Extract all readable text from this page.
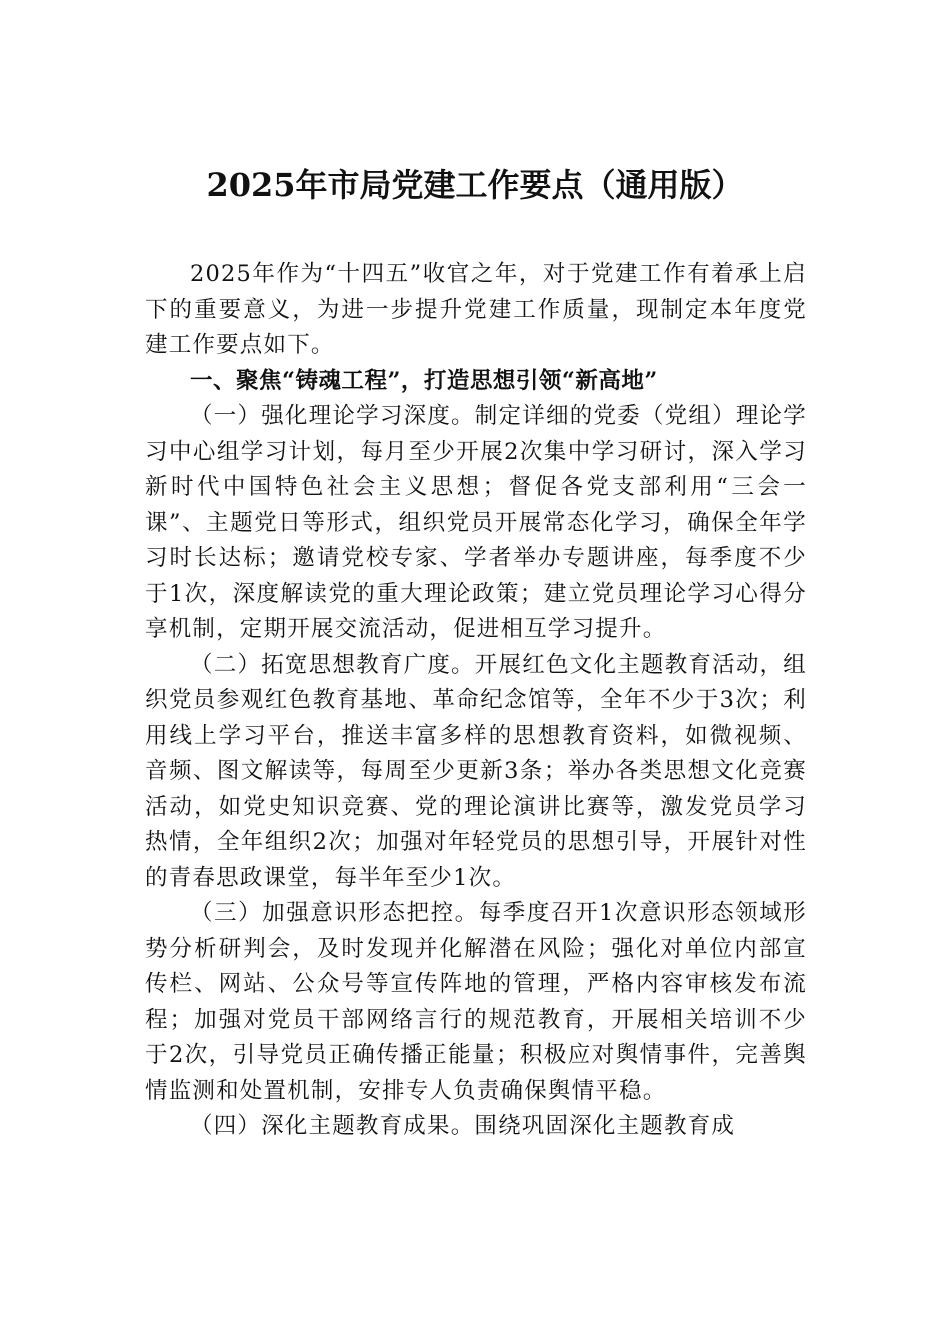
2025年市局党建工作要点（通用版）

2025年作为“十四五”收官之年，对于党建工作有着承上启下的重要意义，为进一步提升党建工作质量，现制定本年度党建工作要点如下。

一、聚焦“铸魂工程”，打造思想引领“新高地”

（一）强化理论学习深度。制定详细的党委（党组）理论学习中心组学习计划，每月至少开展2次集中学习研讨，深入学习新时代中国特色社会主义思想；督促各党支部利用“三会一课”、主题党日等形式，组织党员开展常态化学习，确保全年学习时长达标；邀请党校专家、学者举办专题讲座，每季度不少于1次，深度解读党的重大理论政策；建立党员理论学习心得分享机制，定期开展交流活动，促进相互学习提升。

（二）拓宽思想教育广度。开展红色文化主题教育活动，组织党员参观红色教育基地、革命纪念馆等，全年不少于3次；利用线上学习平台，推送丰富多样的思想教育资料，如微视频、音频、图文解读等，每周至少更新3条；举办各类思想文化竞赛活动，如党史知识竞赛、党的理论演讲比赛等，激发党员学习热情，全年组织2次；加强对年轻党员的思想引导，开展针对性的青春思政课堂，每半年至少1次。

（三）加强意识形态把控。每季度召开1次意识形态领域形势分析研判会，及时发现并化解潜在风险；强化对单位内部宣传栏、网站、公众号等宣传阵地的管理，严格内容审核发布流程；加强对党员干部网络言行的规范教育，开展相关培训不少于2次，引导党员正确传播正能量；积极应对舆情事件，完善舆情监测和处置机制，安排专人负责确保舆情平稳。

（四）深化主题教育成果。围绕巩固深化主题教育成
